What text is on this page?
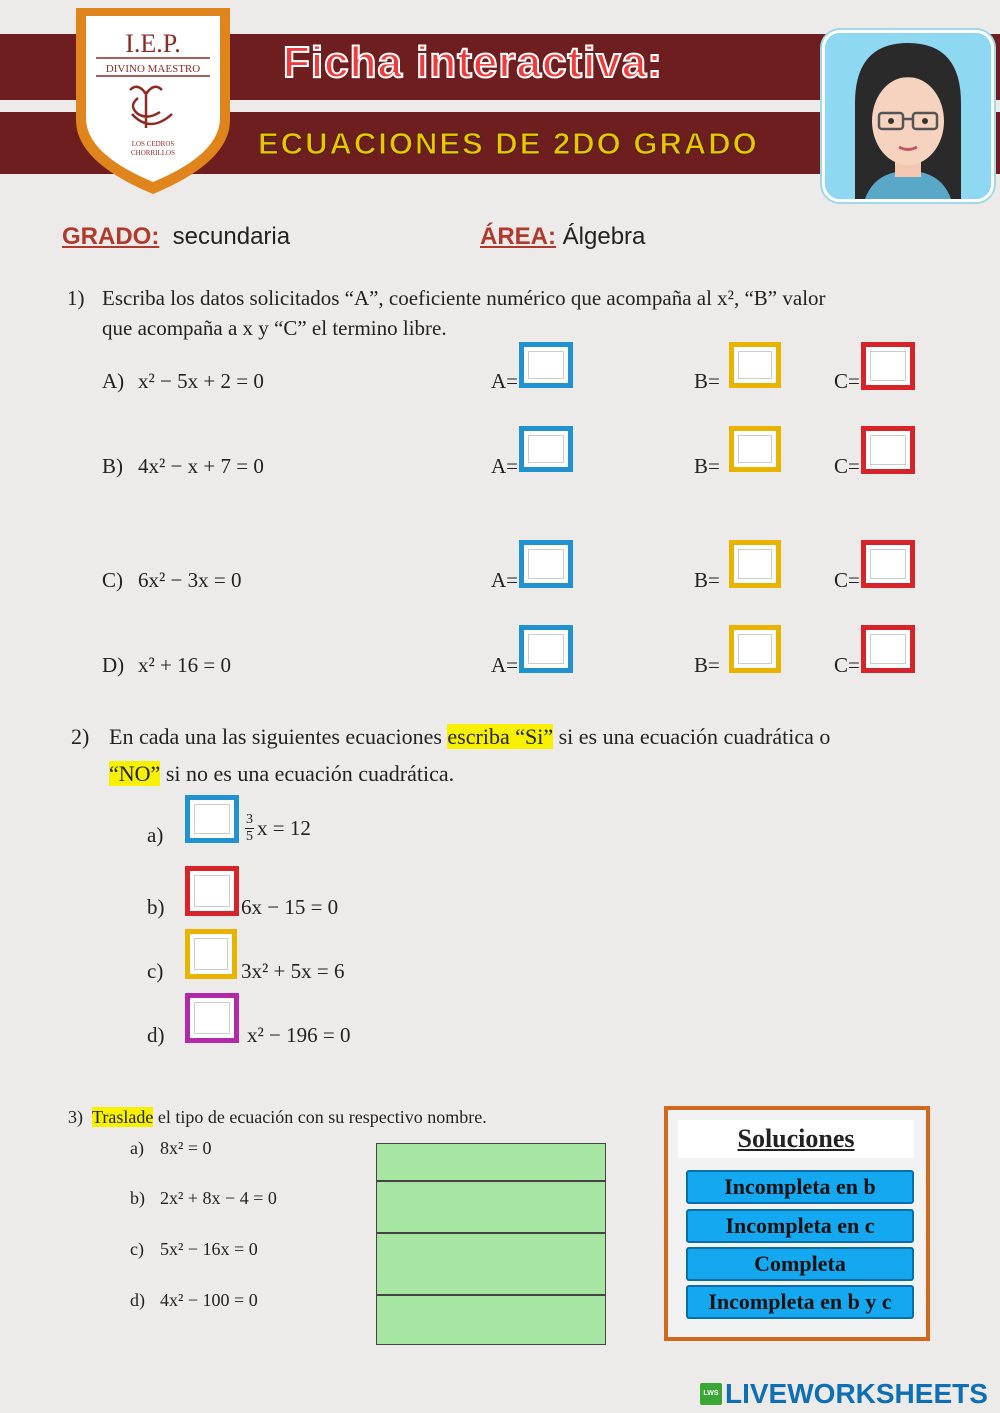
Ficha interactiva:
ECUACIONES DE 2DO GRADO
I.E.P.
DIVINO MAESTRO
LOS CEDROS
CHORRILLOS
GRADO: secundaria	ÁREA: Álgebra
1) Escriba los datos solicitados “A”, coeficiente numérico que acompaña al x², “B” valor
que acompaña a x y “C” el termino libre.
A) x² − 5x + 2 = 0	A=	B=	C=
B) 4x² − x + 7 = 0	A=	B=	C=
C) 6x² − 3x = 0	A=	B=	C=
D) x² + 16 = 0	A=	B=	C=
2) En cada una las siguientes ecuaciones escriba “Si” si es una ecuación cuadrática o
“NO” si no es una ecuación cuadrática.
a)	$\frac{3}{5}$ x = 12
b)	6x − 15 = 0
c)	3x² + 5x = 6
d)	x² − 196 = 0
3) Traslade el tipo de ecuación con su respectivo nombre.
a) 8x² = 0
b) 2x² + 8x − 4 = 0
c) 5x² − 16x = 0
d) 4x² − 100 = 0
Soluciones
Incompleta en b
Incompleta en c
Completa
Incompleta en b y c
LWS LIVEWORKSHEETS
